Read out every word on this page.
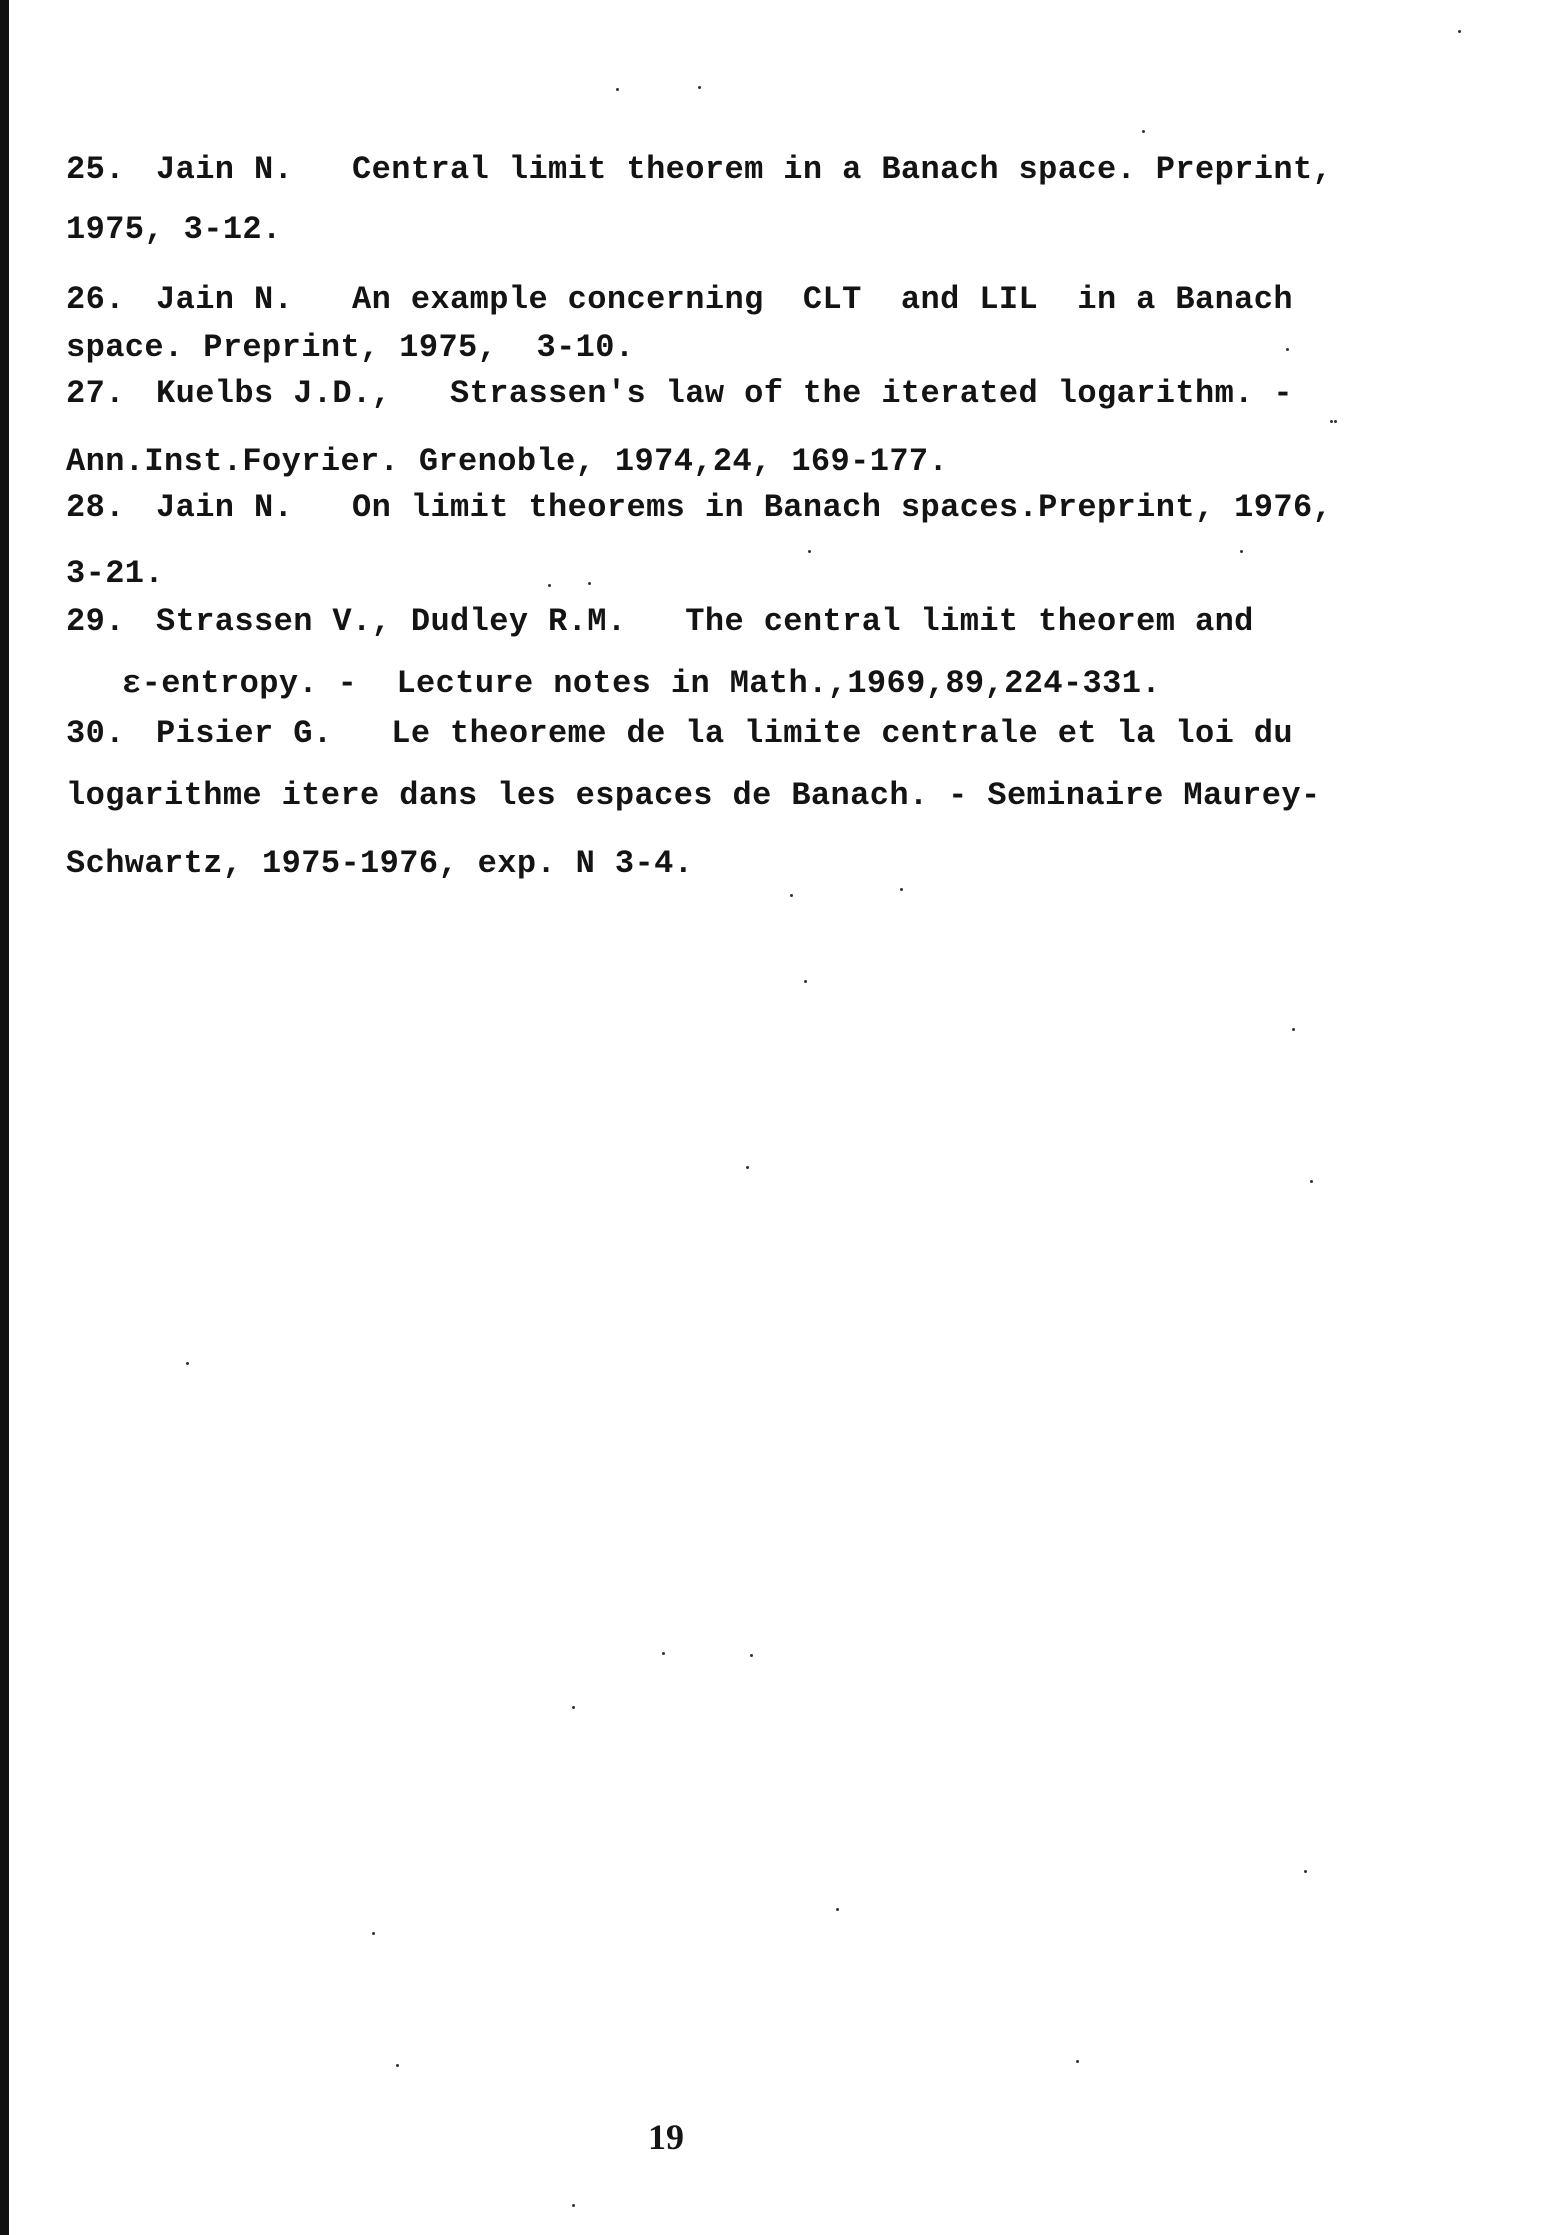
25. Jain N.   Central limit theorem in a Banach space. Preprint,
1975, 3-12.
26. Jain N.   An example concerning  CLT  and LIL  in a Banach
space. Preprint, 1975,  3-10.
27. Kuelbs J.D.,   Strassen's law of the iterated logarithm. -
Ann.Inst.Foyrier. Grenoble, 1974,24, 169-177.
28. Jain N.   On limit theorems in Banach spaces.Preprint, 1976,
3-21.
29. Strassen V., Dudley R.M.   The central limit theorem and
ε-entropy. -  Lecture notes in Math.,1969,89,224-331.
30. Pisier G.   Le theoreme de la limite centrale et la loi du
logarithme itere dans les espaces de Banach. - Seminaire Maurey-
Schwartz, 1975-1976, exp. N 3-4.
19
